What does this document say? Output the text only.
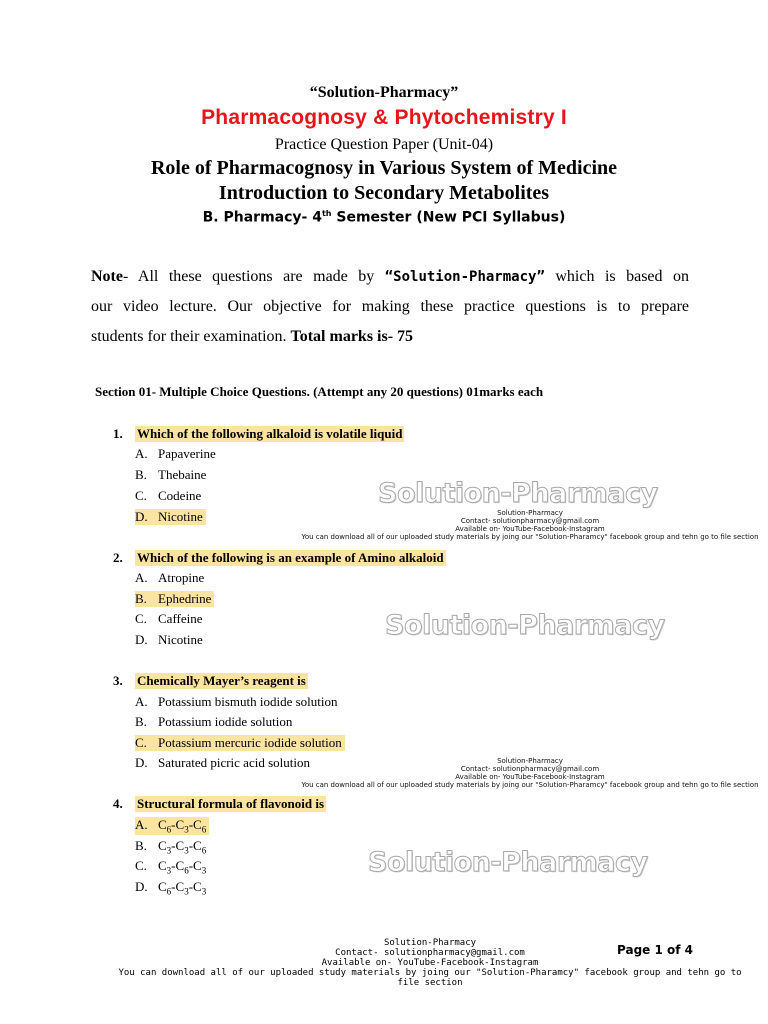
“Solution-Pharmacy”
Pharmacognosy & Phytochemistry I
Practice Question Paper (Unit-04)
Role of Pharmacognosy in Various System of Medicine
Introduction to Secondary Metabolites
B. Pharmacy- 4th Semester (New PCI Syllabus)
Note- All these questions are made by “Solution-Pharmacy” which is based on
our video lecture. Our objective for making these practice questions is to prepare
students for their examination. Total marks is- 75
Section 01- Multiple Choice Questions. (Attempt any 20 questions) 01marks each
1. Which of the following alkaloid is volatile liquid
A. Papaverine
B. Thebaine
C. Codeine
D. Nicotine
Solution-Pharmacy
Solution-Pharmacy
Contact- solutionpharmacy@gmail.com
Available on- YouTube-Facebook-Instagram
You can download all of our uploaded study materials by joing our "Solution-Pharamcy" facebook group and tehn go to file section
2. Which of the following is an example of Amino alkaloid
A. Atropine
B. Ephedrine
C. Caffeine
D. Nicotine	Solution-Pharmacy
3. Chemically Mayer’s reagent is
A. Potassium bismuth iodide solution
B. Potassium iodide solution
C. Potassium mercuric iodide solution
D. Saturated picric acid solution	Solution-Pharmacy
Contact- solutionpharmacy@gmail.com
Available on- YouTube-Facebook-Instagram
You can download all of our uploaded study materials by joing our "Solution-Pharamcy" facebook group and tehn go to file section
4. Structural formula of flavonoid is
A. $C_6-C_3-C_6$
B. $C_3-C_3-C_6$
C. $C_3-C_6-C_3$
D. $C_6-C_3-C_3$
Solution-Pharmacy
Solution-Pharmacy
Contact- solutionpharmacy@gmail.com
Available on- YouTube-Facebook-Instagram
You can download all of our uploaded study materials by joing our "Solution-Pharamcy" facebook group and tehn go to file section
Page 1 of 4
